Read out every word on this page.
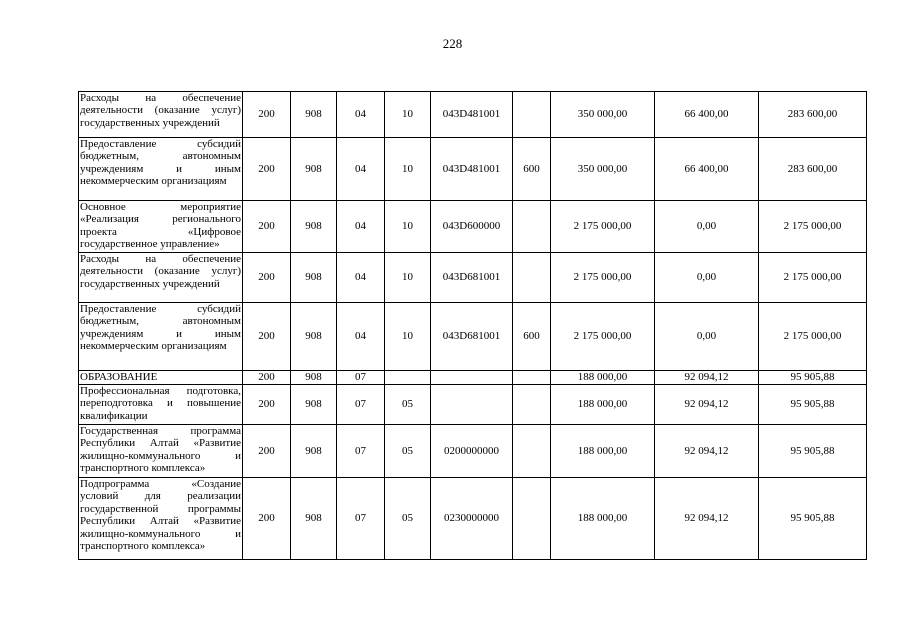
228
Расходы на обеспечение деятельности (оказание услуг) государственных учреждений	200	908	04	10	043D481001		350 000,00	66 400,00	283 600,00
Предоставление субсидий бюджетным, автономным учреждениям и иным некоммерческим организациям	200	908	04	10	043D481001	600	350 000,00	66 400,00	283 600,00
Основное мероприятие «Реализация регионального проекта «Цифровое государственное управление»	200	908	04	10	043D600000		2 175 000,00	0,00	2 175 000,00
Расходы на обеспечение деятельности (оказание услуг) государственных учреждений	200	908	04	10	043D681001		2 175 000,00	0,00	2 175 000,00
Предоставление субсидий бюджетным, автономным учреждениям и иным некоммерческим организациям	200	908	04	10	043D681001	600	2 175 000,00	0,00	2 175 000,00
ОБРАЗОВАНИЕ	200	908	07				188 000,00	92 094,12	95 905,88
Профессиональная подготовка, переподготовка и повышение квалификации	200	908	07	05			188 000,00	92 094,12	95 905,88
Государственная программа Республики Алтай «Развитие жилищно-коммунального и транспортного комплекса»	200	908	07	05	0200000000		188 000,00	92 094,12	95 905,88
Подпрограмма «Создание условий для реализации государственной программы Республики Алтай «Развитие жилищно-коммунального и транспортного комплекса»	200	908	07	05	0230000000		188 000,00	92 094,12	95 905,88
